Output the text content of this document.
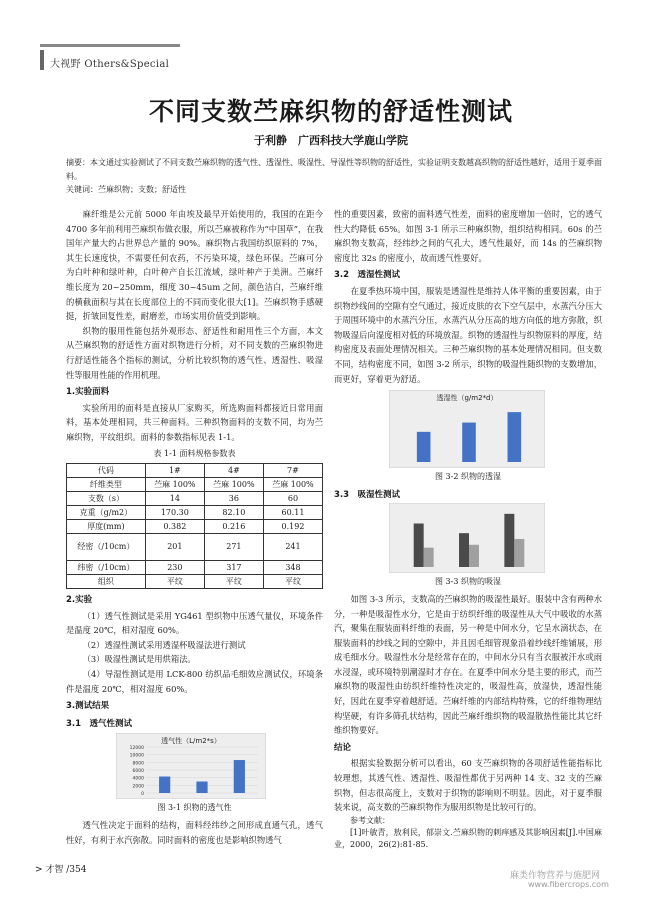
大视野 Others&Special
不同支数苎麻织物的舒适性测试
于利静　广西科技大学鹿山学院
摘要：本文通过实验测试了不同支数苎麻织物的透气性、透湿性、吸湿性、导湿性等织物的舒适性，实验证明支数越高织物的舒适性越好，适用于夏季面料。
关键词：苎麻织物；支数；舒适性

麻纤维是公元前 5000 年由埃及最早开始使用的，我国的在距今 4700 多年前利用苎麻织布做衣服，所以苎麻被称作为“中国草”，在我国年产量大约占世界总产量的 90%。麻织物占我国纺织原料的 7%，其生长速度快，不需要任何农药，不污染环境，绿色环保。苎麻可分为白叶种和绿叶种，白叶种产自长江流域，绿叶种产于美洲。苎麻纤维长度为 20~250mm，细度 30~45um 之间，颜色洁白，苎麻纤维的横截面积与其在长度部位上的不同而变化很大[1]。苎麻织物手感硬挺，折皱回复性差，耐磨差，市场实用价值受到影响。

织物的服用性能包括外观形态、舒适性和耐用性三个方面，本文从苎麻织物的舒适性方面对织物进行分析，对不同支数的苎麻织物进行舒适性能各个指标的测试，分析比较织物的透气性、透湿性、吸湿性等服用性能的作用机理。

1.实验面料

实验所用的面料是直接从厂家购买，所选购面料都接近日常用面料，基本处理相同，共三种面料。三种织物面料的支数不同，均为苎麻织物，平纹组织。面料的参数指标见表 1-1。

表 1-1 面料规格参数表
代码	1#	4#	7#
纤维类型	苎麻 100%	苎麻 100%	苎麻 100%
支数（s）	14	36	60
克重（g/m2）	170.30	82.10	60.11
厚度(mm)	0.382	0.216	0.192
经密（/10cm）	201	271	241
纬密（/10cm）	230	317	348
组织	平纹	平纹	平纹
2.实验

（1）透气性测试是采用 YG461 型织物中压透气量仪，环境条件是温度 20℃，相对湿度 60%。

（2）透湿性测试采用透湿杯吸湿法进行测试

（3）吸湿性测试是用烘箱法。

（4）导湿性测试是用 LCK-800 纺织品毛细效应测试仪，环境条件是温度 20℃，相对湿度 60%。

3.测试结果
3.1　透气性测试
透气性（L/m2*s）
12000
10000
8000
6000
4000
2000
0
图 3-1 织物的透气性

透气性决定于面料的结构，面料经纬纱之间形成直通气孔，透气性好，有利于水汽弥散。同时面料的密度也是影响织物透气

性的重要因素，致密的面料透气性差，面料的密度增加一倍时，它的透气性大约降低 65%。如图 3-1 所示三种麻织物，组织结构相同。60s 的苎麻织物支数高，经纬纱之间的气孔大，透气性最好，而 14s 的苎麻织物密度比 32s 的密度小，故而透气性要好。

3.2　透湿性测试

在夏季热环境中国，服装是透湿性是维持人体平衡的重要因素，由于织物纱线间的空隙有空气通过，接近皮肤的衣下空气层中，水蒸汽分压大于周围环境中的水蒸汽分压，水蒸汽从分压高的地方向低的地方弥散，织物吸湿后向湿度相对低的环境放湿。织物的透湿性与织物原料的厚度，结构密度及表面处理情况相关。三种苎麻织物的基本处理情况相同。但支数不同，结构密度不同，如图 3-2 所示，织物的吸湿性随织物的支数增加，而更好，穿着更为舒适。

透湿性（g/m2*d）
图 3-2 织物的透湿
3.3　吸湿性测试
图 3-3 织物的吸湿

如图 3-3 所示，支数高的苎麻织物的吸湿性最好。服装中含有两种水分，一种是吸湿性水分，它是由于纺织纤维的吸湿性从大气中吸收的水蒸汽，聚集在服装面料纤维的表面，另一种是中间水分，它呈水滴状态，在服装面料的纱线之间的空隙中，并且因毛细管现象沿着纱线纤维铺展，形成毛细水分。吸湿性水分是经常存在的，中间水分只有当衣服被汗水或雨水浸湿，或环境特别潮湿时才存在。在夏季中间水分是主要的形式，而苎麻织物的吸湿性由纺织纤维特性决定的，吸湿性高，放湿快，透湿性能好，因此在夏季穿着越舒适。苎麻纤维的内部结构特殊，它的纤维物理结构坚硬，有许多筛孔状结构，因此苎麻纤维织物的吸湿散热性能比其它纤维织物要好。

结论

根据实验数据分析可以看出，60 支苎麻织物的各项舒适性能指标比较理想，其透气性、透湿性、吸湿性都优于另两种 14 支、32 支的苎麻织物，但志很高度上，支数对于织物的影响则不明显。因此，对于夏季服装来说，高支数的苎麻织物作为服用织物是比较可行的。

参考文献：

[1]叶敏青，敖利民，郁崇文.苎麻织物的刺痒感及其影响因素[J].中国麻业，2000，26(2):81-85.

> 才智 /354
麻类作物营养与施肥网
www.fibercrops.com
